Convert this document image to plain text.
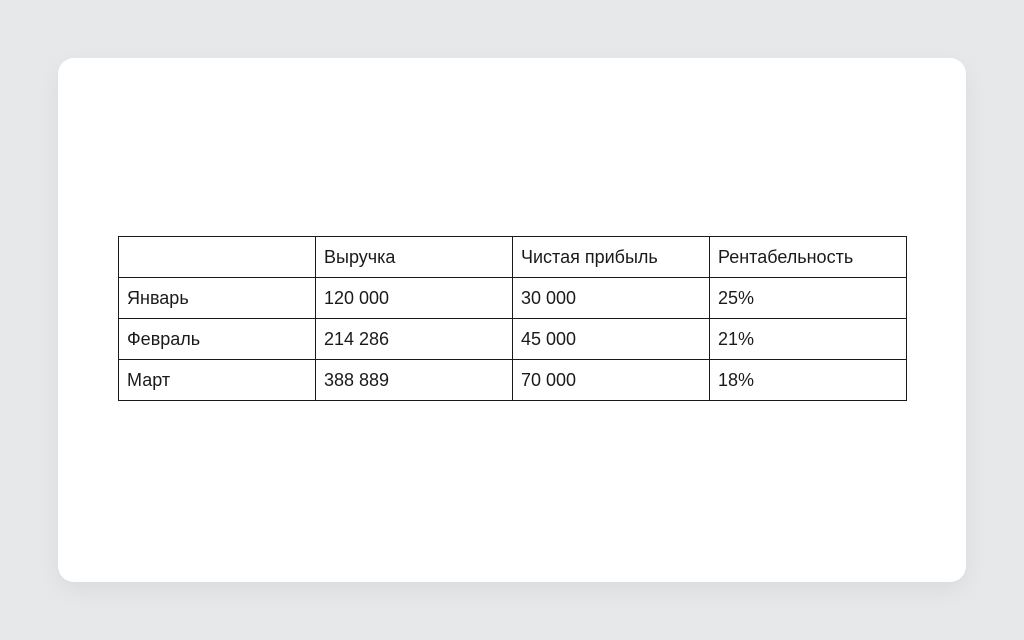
	Выручка	Чистая прибыль	Рентабельность
Январь	120 000	30 000	25%
Февраль	214 286	45 000	21%
Март	388 889	70 000	18%
